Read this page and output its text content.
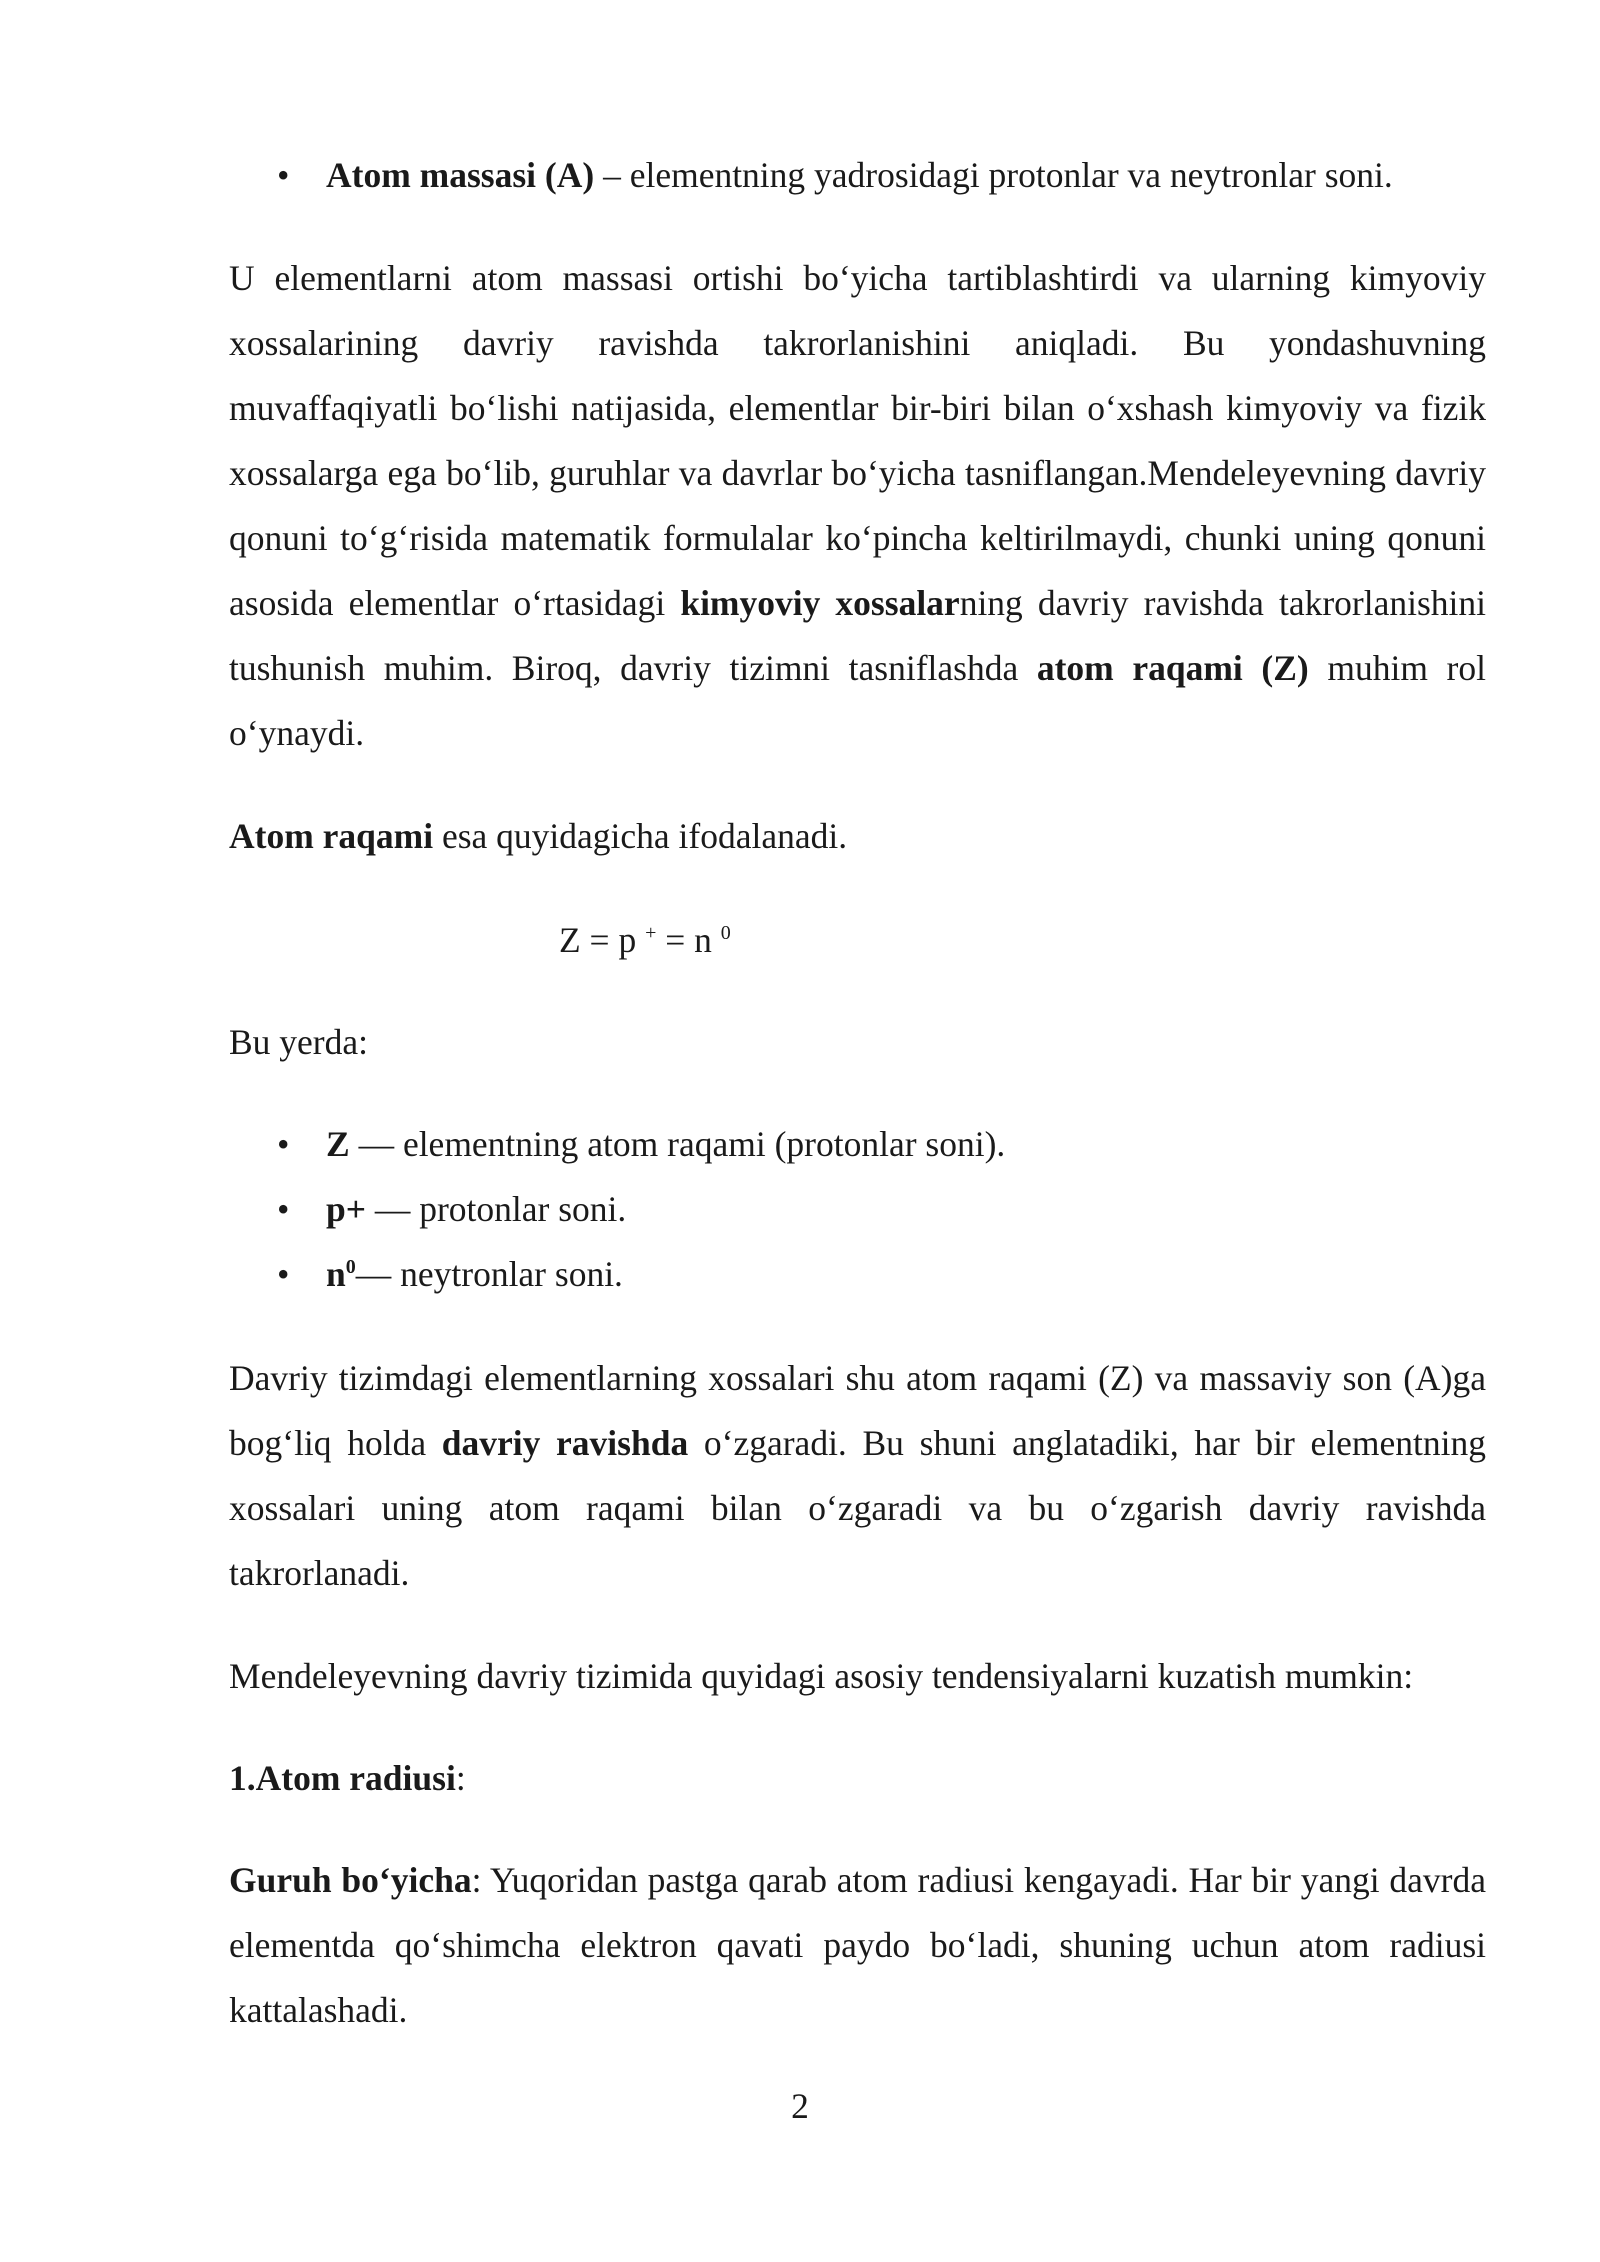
• Atom massasi (A) – elementning yadrosidagi protonlar va neytronlar soni.

U elementlarni atom massasi ortishi bo‘yicha tartiblashtirdi va ularning kimyoviy xossalarining davriy ravishda takrorlanishini aniqladi. Bu yondashuvning muvaffaqiyatli bo‘lishi natijasida, elementlar bir-biri bilan o‘xshash kimyoviy va fizik xossalarga ega bo‘lib, guruhlar va davrlar bo‘yicha tasniflangan.Mendeleyevning davriy qonuni to‘g‘risida matematik formulalar ko‘pincha keltirilmaydi, chunki uning qonuni asosida elementlar o‘rtasidagi kimyoviy xossalarning davriy ravishda takrorlanishini tushunish muhim. Biroq, davriy tizimni tasniflashda atom raqami (Z) muhim rol o‘ynaydi.

Atom raqami esa quyidagicha ifodalanadi.

Z = p + = n $^0$

Bu yerda:

• Z — elementning atom raqami (protonlar soni).
• p+ — protonlar soni.
• $n^0—$ neytronlar soni.

Davriy tizimdagi elementlarning xossalari shu atom raqami (Z) va massaviy son (A)ga bog‘liq holda davriy ravishda o‘zgaradi. Bu shuni anglatadiki, har bir elementning xossalari uning atom raqami bilan o‘zgaradi va bu o‘zgarish davriy ravishda takrorlanadi.

Mendeleyevning davriy tizimida quyidagi asosiy tendensiyalarni kuzatish mumkin:

1.Atom radiusi:

Guruh bo‘yicha: Yuqoridan pastga qarab atom radiusi kengayadi. Har bir yangi davrda elementda qo‘shimcha elektron qavati paydo bo‘ladi, shuning uchun atom radiusi kattalashadi.

2
